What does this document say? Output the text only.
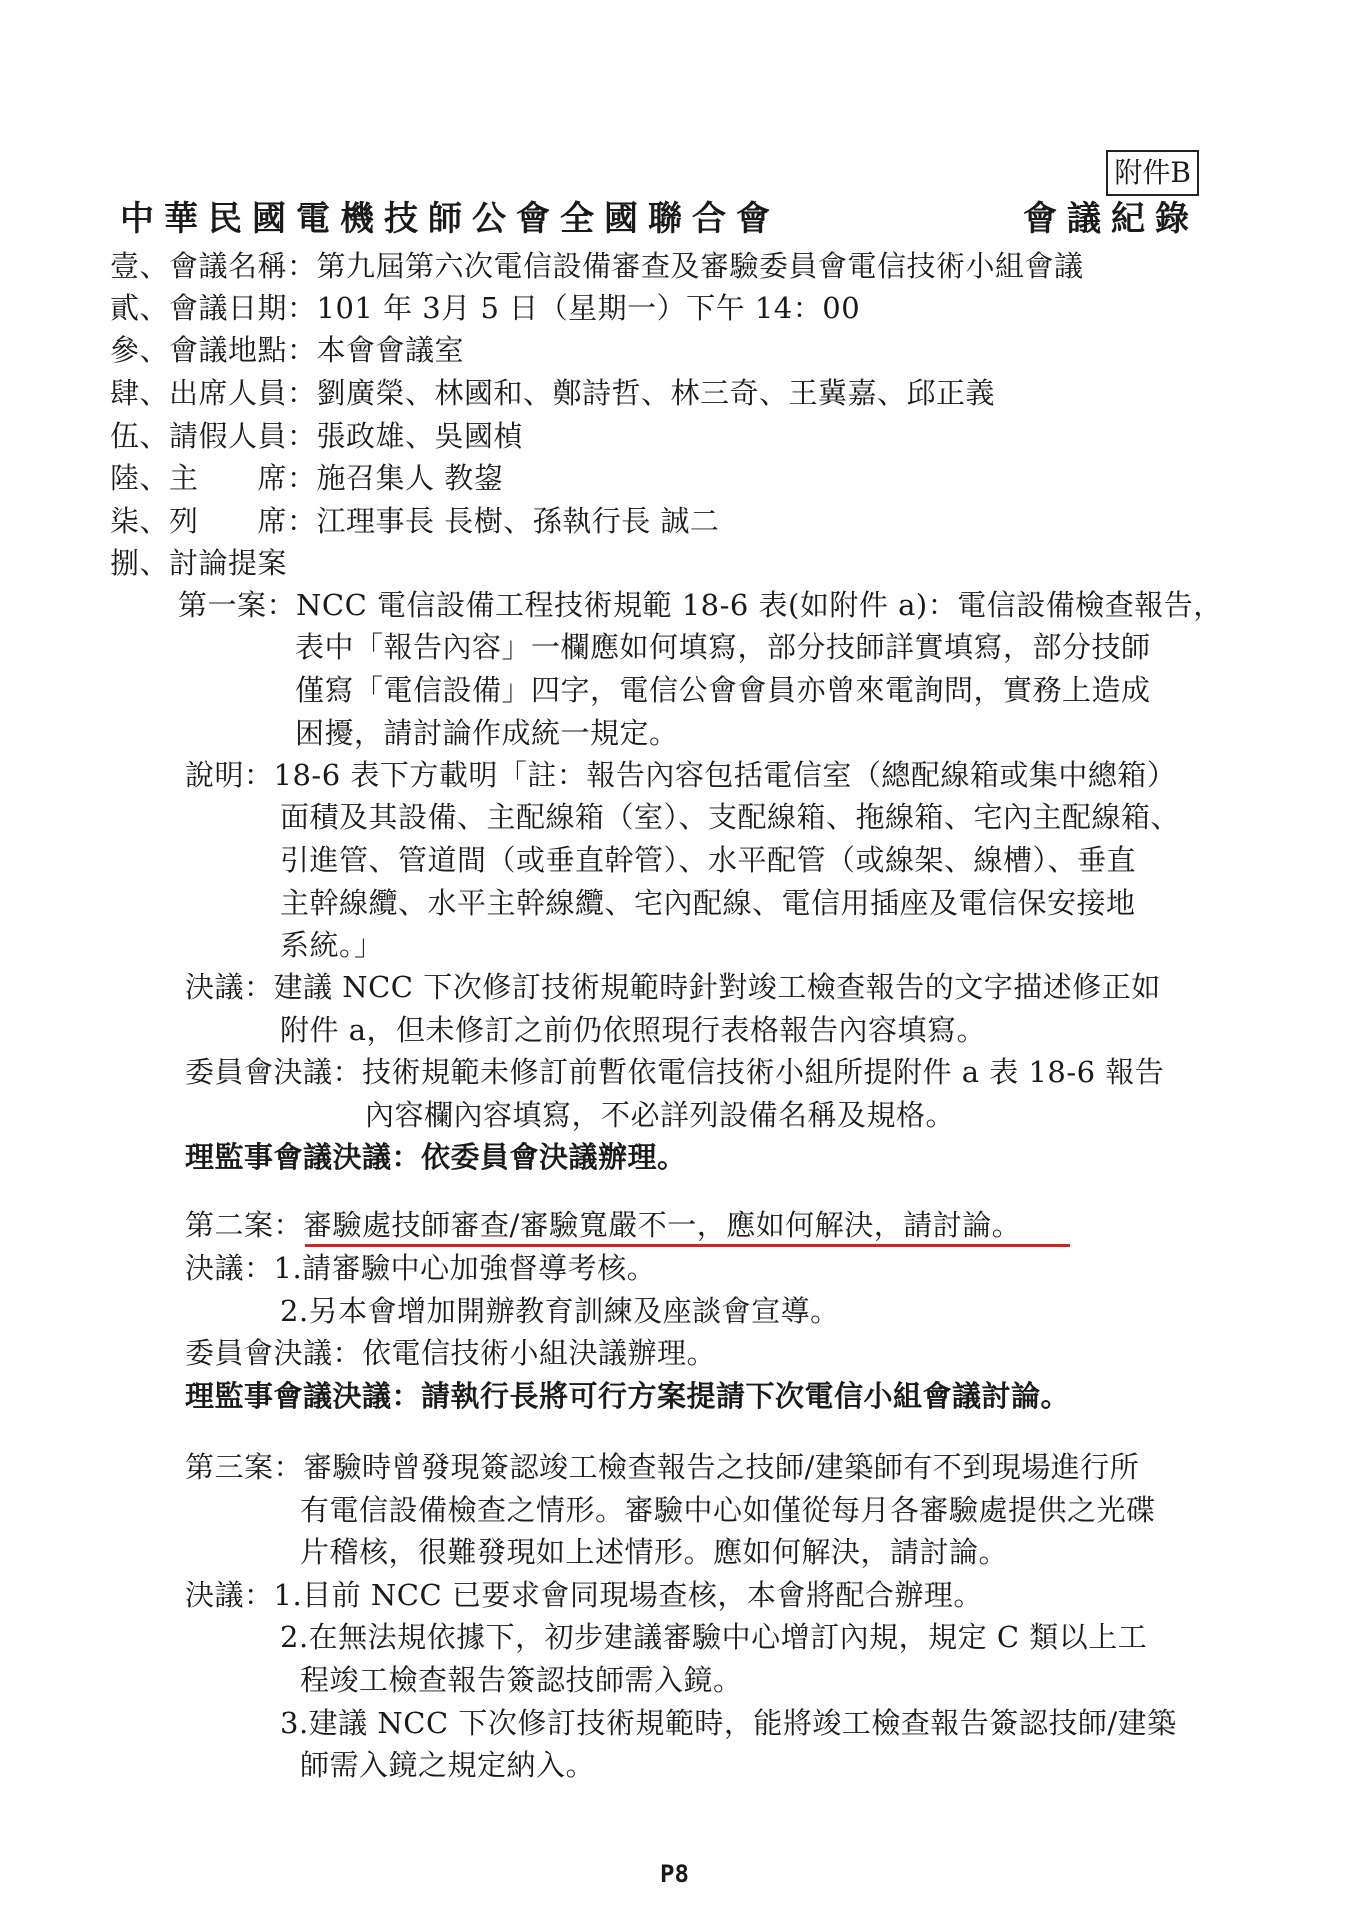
附件B
中華民國電機技師公會全國聯合會	會議紀錄
壹、會議名稱：第九屆第六次電信設備審查及審驗委員會電信技術小組會議
貳、會議日期：101 年 3月 5 日（星期一）下午 14：00
參、會議地點：本會會議室
肆、出席人員：劉廣榮、林國和、鄭詩哲、林三奇、王冀嘉、邱正義
伍、請假人員：張政雄、吳國楨
陸、主　　席：施召集人 教鋆
柒、列　　席：江理事長 長樹、孫執行長 誠二
捌、討論提案
第一案：NCC 電信設備工程技術規範 18-6 表(如附件 a)：電信設備檢查報告，
表中「報告內容」一欄應如何填寫，部分技師詳實填寫，部分技師
僅寫「電信設備」四字，電信公會會員亦曾來電詢問，實務上造成
困擾，請討論作成統一規定。
說明：18-6 表下方載明「註：報告內容包括電信室（總配線箱或集中總箱）
面積及其設備、主配線箱（室）、支配線箱、拖線箱、宅內主配線箱、
引進管、管道間（或垂直幹管）、水平配管（或線架、線槽）、垂直
主幹線纜、水平主幹線纜、宅內配線、電信用插座及電信保安接地
系統。」
決議：建議 NCC 下次修訂技術規範時針對竣工檢查報告的文字描述修正如
附件 a，但未修訂之前仍依照現行表格報告內容填寫。
委員會決議：技術規範未修訂前暫依電信技術小組所提附件 a 表 18-6 報告
內容欄內容填寫，不必詳列設備名稱及規格。
理監事會議決議：依委員會決議辦理。
第二案：審驗處技師審查/審驗寬嚴不一，應如何解決，請討論。
決議：1.請審驗中心加強督導考核。
2.另本會增加開辦教育訓練及座談會宣導。
委員會決議：依電信技術小組決議辦理。
理監事會議決議：請執行長將可行方案提請下次電信小組會議討論。
第三案：審驗時曾發現簽認竣工檢查報告之技師/建築師有不到現場進行所
有電信設備檢查之情形。審驗中心如僅從每月各審驗處提供之光碟
片稽核，很難發現如上述情形。應如何解決，請討論。
決議：1.目前 NCC 已要求會同現場查核，本會將配合辦理。
2.在無法規依據下，初步建議審驗中心增訂內規，規定 C 類以上工
程竣工檢查報告簽認技師需入鏡。
3.建議 NCC 下次修訂技術規範時，能將竣工檢查報告簽認技師/建築
師需入鏡之規定納入。
P8
